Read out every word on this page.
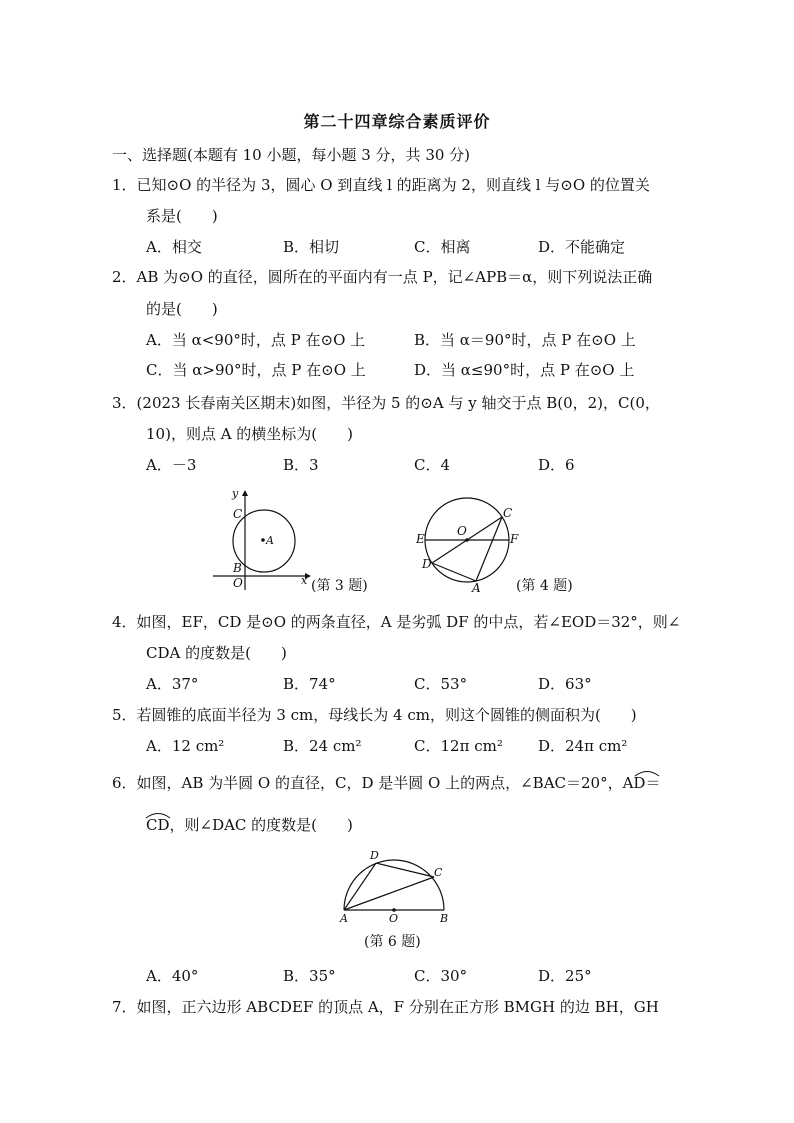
第二十四章综合素质评价
一、选择题(本题有 10 小题，每小题 3 分，共 30 分)
1．已知⊙O 的半径为 3，圆心 O 到直线 l 的距离为 2，则直线 l 与⊙O 的位置关
系是(　　)
A．相交	B．相切	C．相离	D．不能确定
2．AB 为⊙O 的直径，圆所在的平面内有一点 P，记∠APB＝α，则下列说法正确
的是(　　)
A．当 α<90°时，点 P 在⊙O 上	B．当 α＝90°时，点 P 在⊙O 上
C．当 α>90°时，点 P 在⊙O 上	D．当 α≤90°时，点 P 在⊙O 上
3．(2023 长春南关区期末)如图，半径为 5 的⊙A 与 y 轴交于点 B(0，2)，C(0，
10)，则点 A 的横坐标为(　　)
A．－3	B．3	C．4	D．6
y
C
A
B
O	x (第 3 题)
O
C
E	F
D
A	(第 4 题)
4．如图，EF，CD 是⊙O 的两条直径，A 是劣弧 DF 的中点，若∠EOD＝32°，则∠
CDA 的度数是(　　)
A．37°	B．74°	C．53°	D．63°
5．若圆锥的底面半径为 3 cm，母线长为 4 cm，则这个圆锥的侧面积为(　　)
A．12 cm²	B．24 cm²	C．12π cm² D．24π cm²
6．如图，AB 为半圆 O 的直径，C，D 是半圆 O 上的两点，∠BAC＝20°，AD＝
CD，则∠DAC 的度数是(　　)
D
C
A	O	B
(第 6 题)
A．40°	B．35°	C．30°	D．25°
7．如图，正六边形 ABCDEF 的顶点 A，F 分别在正方形 BMGH 的边 BH，GH
